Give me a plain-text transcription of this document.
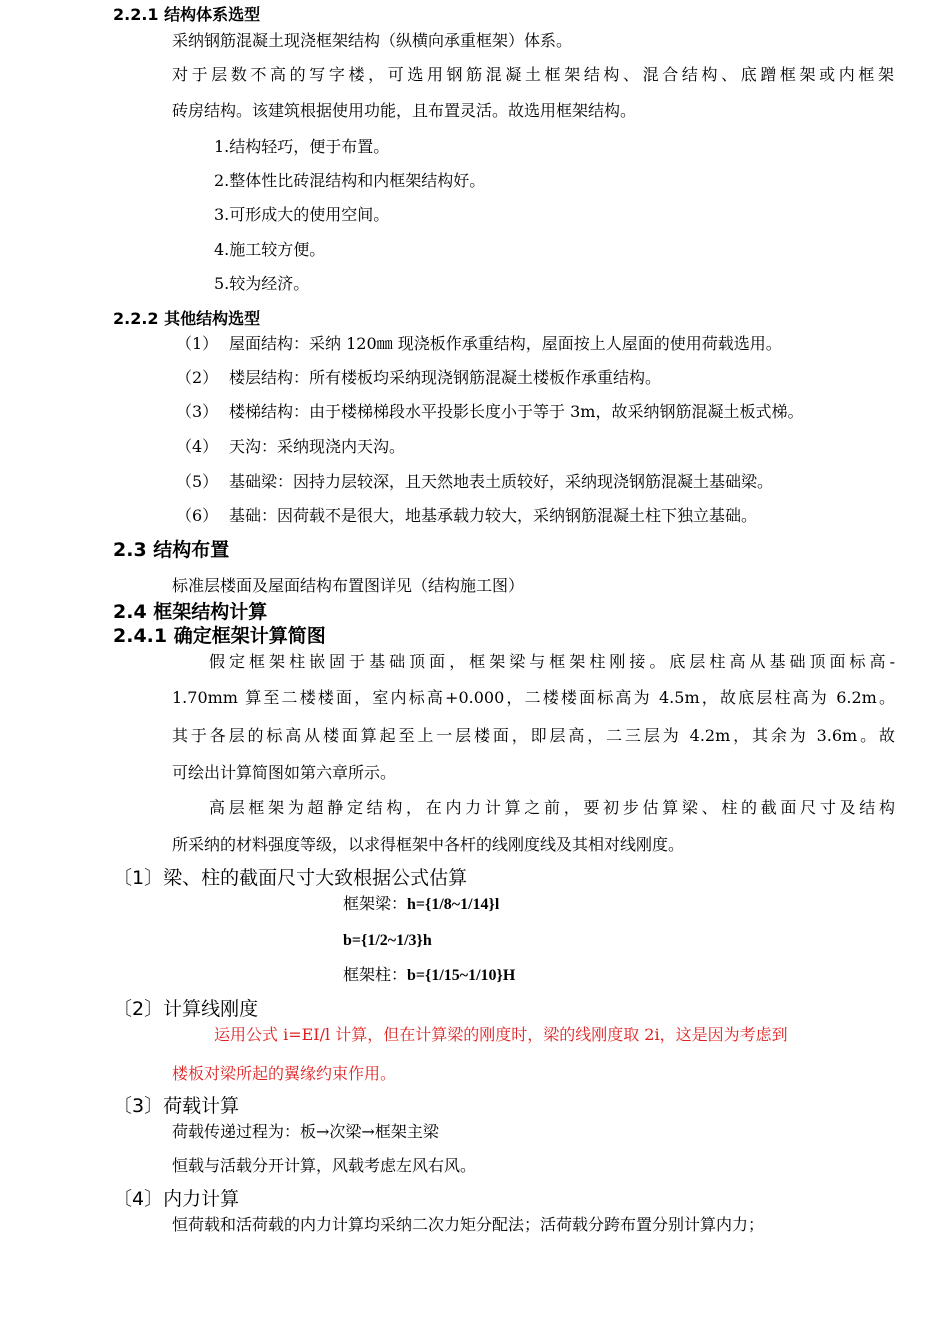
2.2.1 结构体系选型
采纳钢筋混凝土现浇框架结构（纵横向承重框架）体系。
对于层数不高的写字楼，可选用钢筋混凝土框架结构、混合结构、底蹭框架或内框架
砖房结构。该建筑根据使用功能，且布置灵活。故选用框架结构。
1.结构轻巧，便于布置。
2.整体性比砖混结构和内框架结构好。
3.可形成大的使用空间。
4.施工较方便。
5.较为经济。
2.2.2 其他结构选型
（1） 屋面结构：采纳 120㎜ 现浇板作承重结构，屋面按上人屋面的使用荷载选用。
（2） 楼层结构：所有楼板均采纳现浇钢筋混凝土楼板作承重结构。
（3） 楼梯结构：由于楼梯梯段水平投影长度小于等于 3m，故采纳钢筋混凝土板式梯。
（4） 天沟：采纳现浇内天沟。
（5） 基础梁：因持力层较深，且天然地表土质较好，采纳现浇钢筋混凝土基础梁。
（6） 基础：因荷载不是很大，地基承载力较大，采纳钢筋混凝土柱下独立基础。
2.3 结构布置
标准层楼面及屋面结构布置图详见（结构施工图）
2.4 框架结构计算
2.4.1 确定框架计算简图
假定框架柱嵌固于基础顶面，框架梁与框架柱刚接。底层柱高从基础顶面标高-
1.70mm 算至二楼楼面，室内标高+0.000，二楼楼面标高为 4.5m，故底层柱高为 6.2m。
其于各层的标高从楼面算起至上一层楼面，即层高，二三层为 4.2m，其余为 3.6m。故
可绘出计算简图如第六章所示。
高层框架为超静定结构，在内力计算之前，要初步估算梁、柱的截面尺寸及结构
所采纳的材料强度等级，以求得框架中各杆的线刚度线及其相对线刚度。
〔1〕梁、柱的截面尺寸大致根据公式估算
框架梁：h={1/8~1/14}l
b={1/2~1/3}h
框架柱：b={1/15~1/10}H
〔2〕计算线刚度
运用公式 i=EI/l 计算，但在计算梁的刚度时，梁的线刚度取 2i，这是因为考虑到
楼板对梁所起的翼缘约束作用。
〔3〕荷载计算
荷载传递过程为：板→次梁→框架主梁
恒载与活载分开计算，风载考虑左风右风。
〔4〕内力计算
恒荷载和活荷载的内力计算均采纳二次力矩分配法；活荷载分跨布置分别计算内力；
